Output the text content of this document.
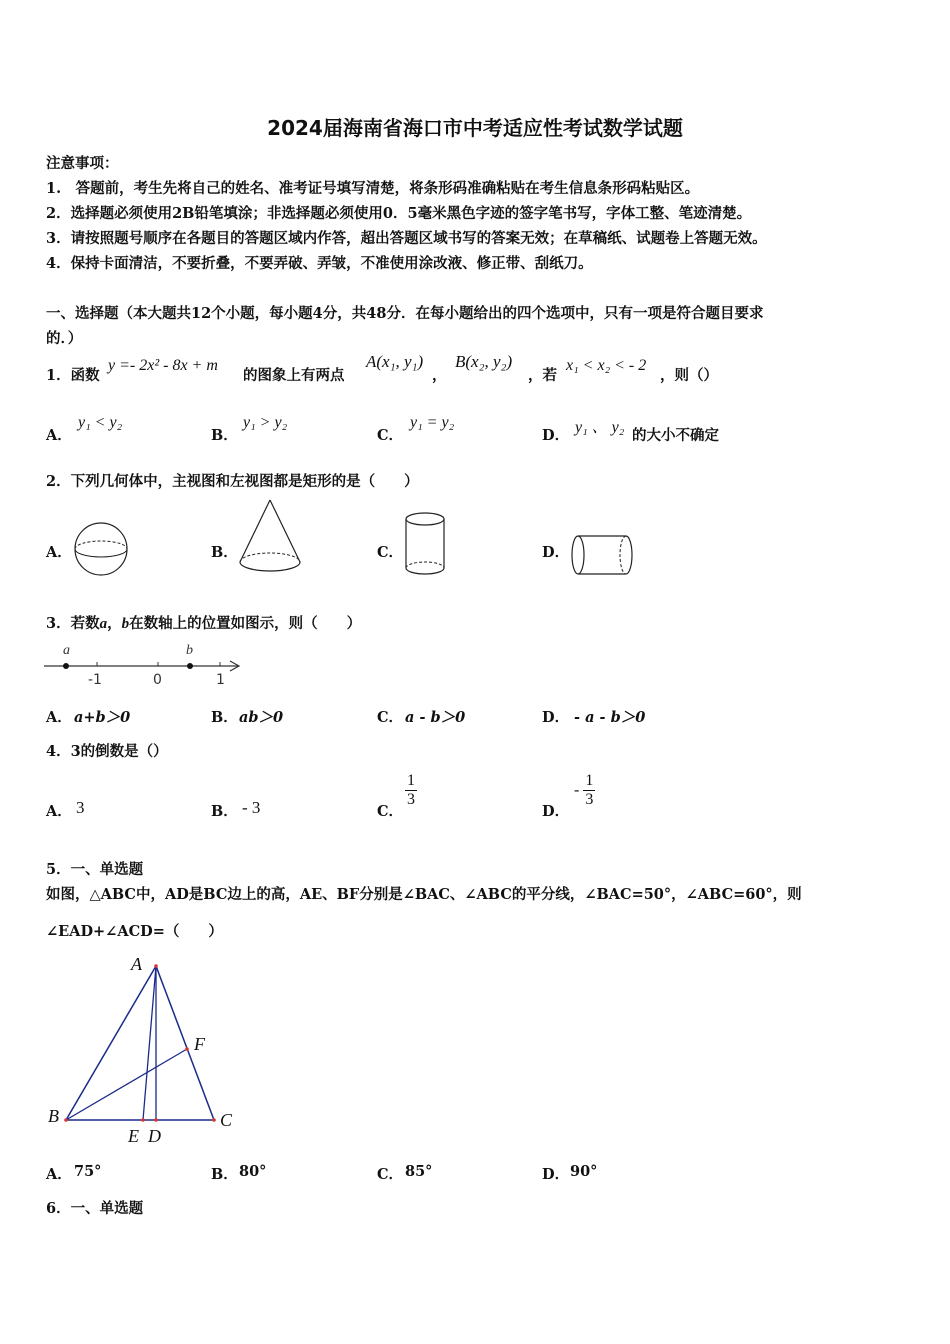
2024届海南省海口市中考适应性考试数学试题
注意事项：
1.　答题前，考生先将自己的姓名、准考证号填写清楚，将条形码准确粘贴在考生信息条形码粘贴区。
2．选择题必须使用2B铅笔填涂；非选择题必须使用0．5毫米黑色字迹的签字笔书写，字体工整、笔迹清楚。
3．请按照题号顺序在各题目的答题区域内作答，超出答题区域书写的答案无效；在草稿纸、试题卷上答题无效。
4．保持卡面清洁，不要折叠，不要弄破、弄皱，不准使用涂改液、修正带、刮纸刀。
一、选择题（本大题共12个小题，每小题4分，共48分．在每小题给出的四个选项中，只有一项是符合题目要求
的．）
1．函数
y =- 2x² - 8x + m
的图象上有两点
A(x₁, y₁)
，
B(x₂, y₂)
，若
x₁ < x₂ < - 2
，则（）
A．
y₁ < y₂
B．
y₁ > y₂
C．
y₁ = y₂
D． y₁ 、 y₂ 的大小不确定
2．下列几何体中，主视图和左视图都是矩形的是（　　）
A．	B．	C．	D．
3．若数a，b在数轴上的位置如图示，则（　　）
a	b
-1	0	1
A． a+b＞0	B． ab＞0	C． a - b＞0	D． - a - b＞0
4．3的倒数是（）
A． 3	B． - 3	C．
$\frac{1}{3}$
D．
- $\frac{1}{3}$
5．一、单选题
如图，△ABC中，AD是BC边上的高，AE、BF分别是∠BAC、∠ABC的平分线，∠BAC=50°，∠ABC=60°，则
∠EAD+∠ACD=（　　）
A
B	C
E D
F
A． 75°	B． 80°	C． 85°	D． 90°
6．一、单选题
